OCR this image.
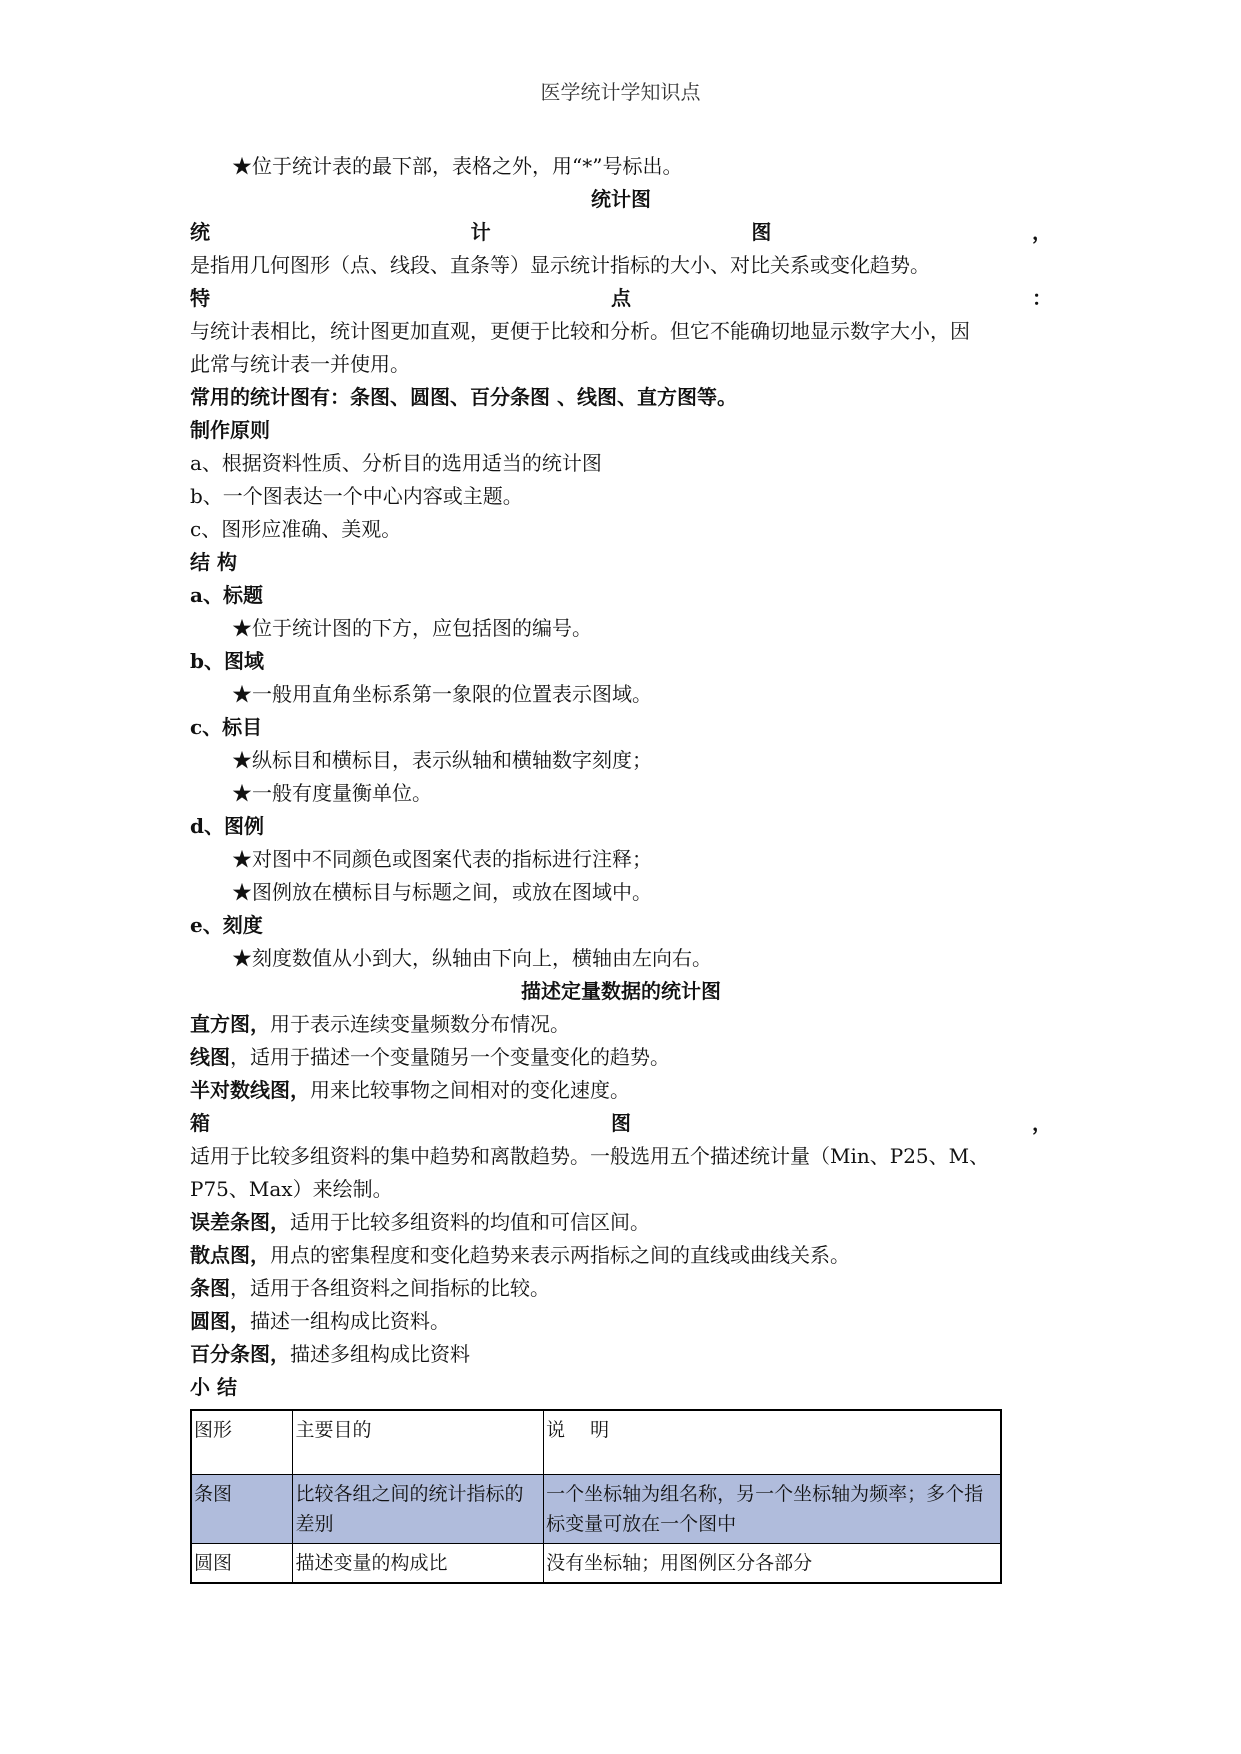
医学统计学知识点
★位于统计表的最下部，表格之外，用“*”号标出。
统计图
统	计	图	，
是指用几何图形（点、线段、直条等）显示统计指标的大小、对比关系或变化趋势。
特	点	：
与统计表相比，统计图更加直观，更便于比较和分析。但它不能确切地显示数字大小，因
此常与统计表一并使用。
常用的统计图有：条图、圆图、百分条图 、线图、直方图等。
制作原则
a、根据资料性质、分析目的选用适当的统计图
b、一个图表达一个中心内容或主题。
c、图形应准确、美观。
结 构
a、标题
★位于统计图的下方，应包括图的编号。
b、图域
★一般用直角坐标系第一象限的位置表示图域。
c、标目
★纵标目和横标目，表示纵轴和横轴数字刻度；
★一般有度量衡单位。
d、图例
★对图中不同颜色或图案代表的指标进行注释；
★图例放在横标目与标题之间，或放在图域中。
e、刻度
★刻度数值从小到大，纵轴由下向上，横轴由左向右。
描述定量数据的统计图
直方图，用于表示连续变量频数分布情况。
线图，适用于描述一个变量随另一个变量变化的趋势。
半对数线图，用来比较事物之间相对的变化速度。
箱	图	，
适用于比较多组资料的集中趋势和离散趋势。一般选用五个描述统计量（Min、P25、M、
P75、Max）来绘制。
误差条图，适用于比较多组资料的均值和可信区间。
散点图，用点的密集程度和变化趋势来表示两指标之间的直线或曲线关系。
条图，适用于各组资料之间指标的比较。
圆图，描述一组构成比资料。
百分条图，描述多组构成比资料
小 结
图形	主要目的	说　 明
条图	比较各组之间的统计指标的差别	一个坐标轴为组名称，另一个坐标轴为频率；多个指标变量可放在一个图中
圆图	描述变量的构成比	没有坐标轴；用图例区分各部分
